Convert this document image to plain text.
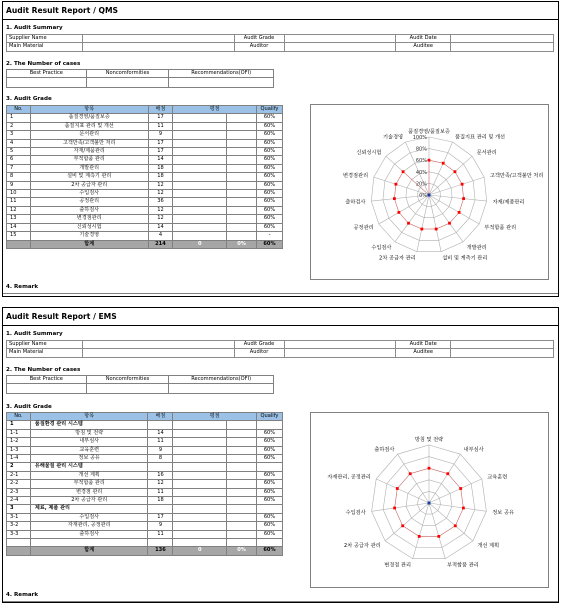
Audit Result Report / QMS
1. Audit Summary
Supplier Name		Audit Grade		Audit Date	
Main Material		Auditor		Auditee	
2. The Number of cases
Best Practice	Noncomformities	Recommendations(OFI)

3. Audit Grade
No.	항목	배점	평점		Qualify
1	품질경영/품질보증	17			60%
2	품질지표 관리 및 개선	11			60%
3	문서관리	9			60%
4	고객만족/고객불만 처리	17			60%
5	자재/제품관리	17			60%
6	부적합품 관리	14			60%
7	개발관리	18			60%
8	설비 및 계측기 관리	18			60%
9	2차 공급자 관리	12			60%
10	수입검사	12			60%
11	공정관리	36			60%
12	출하검사	12			60%
13	변경점관리	12			60%
14	신뢰성시험	14			60%
15	기술경영	4			-
	합계	214	0	0%	60%
0%
20%
40%
60%
80%
100%
품질경영/품질보증
품질지표 관리 및 개선
문서관리
고객만족/고객불만 처리
자재/제품관리
부적합품 관리
개발관리
설비 및 계측기 관리
2차 공급자 관리
수입검사
공정관리
출하검사
변경점관리
신뢰성시험
기술경영
4. Remark
Audit Result Report / EMS
1. Audit Summary
Supplier Name		Audit Grade		Audit Date	
Main Material		Auditor		Auditee	
2. The Number of cases
Best Practice	Noncomformities	Recommendations(OFI)

3. Audit Grade
No.	항목	배점	평점		Qualify
1	품질환경 관리 시스템				
1-1	방침 및 전략	14			60%
1-2	내부심사	11			60%
1-3	교육훈련	9			60%
1-4	정보 공유	8			60%
2	유해물질 관리 시스템				
2-1	개선 계획	16			60%
2-2	부적합품 관리	12			60%
2-3	변경점 관리	11			60%
2-4	2차 공급자 관리	18			60%
3	제료, 제품 관리				
3-1	수입검사	17			60%
3-2	자재관리, 공정관리	9			60%
3-3	출하검사	11			60%

	합계	136	0	0%	60%
방침 및 전략
내부심사
교육훈련
정보 공유
개선 계획
부적합품 관리
변경점 관리
2차 공급자 관리
수입검사
자재관리, 공정관리
출하검사
4. Remark
